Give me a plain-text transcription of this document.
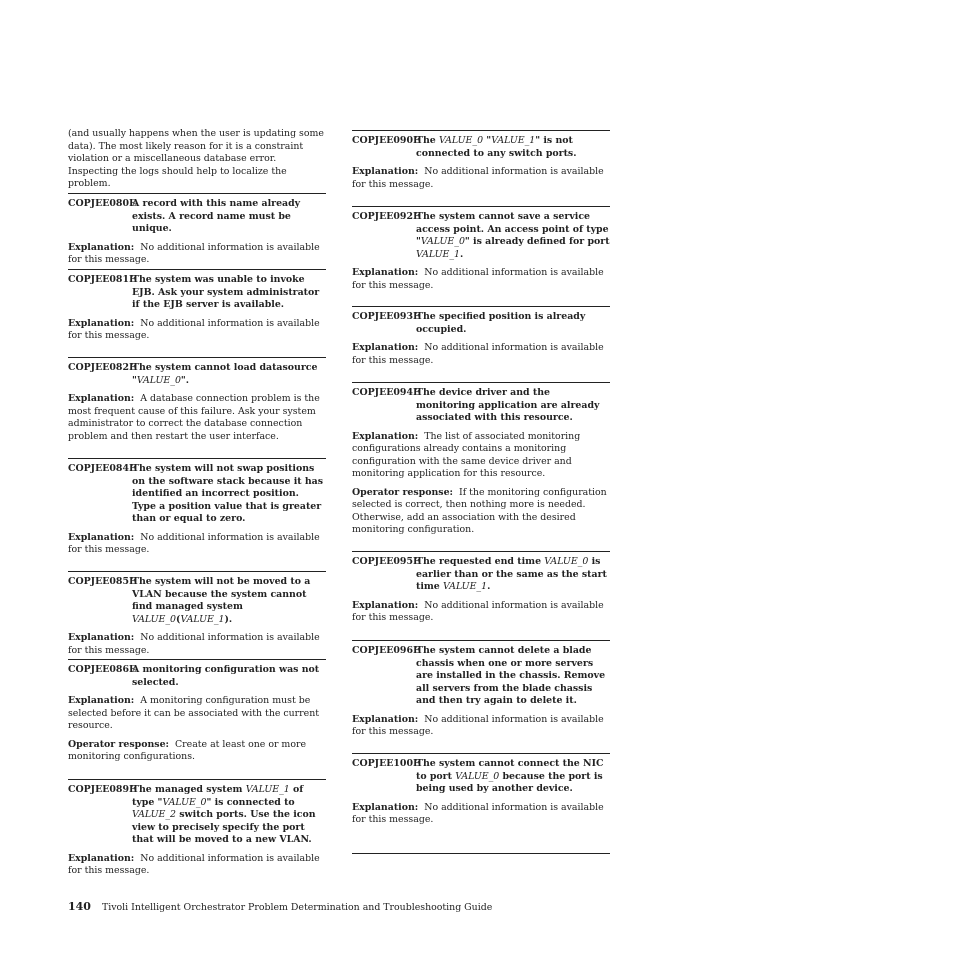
(and usually happens when the user is updating some data). The most likely reason for it is a constraint violation or a miscellaneous database error. Inspecting the logs should help to localize the problem.

COPJEE080E
A record with this name already exists. A record name must be unique.
Explanation: No additional information is available for this message.
COPJEE081E
The system was unable to invoke EJB. Ask your system administrator if the EJB server is available.
Explanation: No additional information is available for this message.
COPJEE082E
The system cannot load datasource "VALUE_0".
Explanation: A database connection problem is the most frequent cause of this failure. Ask your system administrator to correct the database connection problem and then restart the user interface.
COPJEE084E
The system will not swap positions on the software stack because it has identified an incorrect position. Type a position value that is greater than or equal to zero.
Explanation: No additional information is available for this message.
COPJEE085E
The system will not be moved to a VLAN because the system cannot find managed system VALUE_0(VALUE_1).
Explanation: No additional information is available for this message.
COPJEE086E
A monitoring configuration was not selected.
Explanation: A monitoring configuration must be selected before it can be associated with the current resource.
Operator response: Create at least one or more monitoring configurations.
COPJEE089E
The managed system VALUE_1 of type "VALUE_0" is connected to VALUE_2 switch ports. Use the icon view to precisely specify the port that will be moved to a new VLAN.
Explanation: No additional information is available for this message.
COPJEE090E
The VALUE_0 "VALUE_1" is not connected to any switch ports.
Explanation: No additional information is available for this message.
COPJEE092E
The system cannot save a service access point. An access point of type "VALUE_0" is already defined for port VALUE_1.
Explanation: No additional information is available for this message.
COPJEE093E
The specified position is already occupied.
Explanation: No additional information is available for this message.
COPJEE094E
The device driver and the monitoring application are already associated with this resource.
Explanation: The list of associated monitoring configurations already contains a monitoring configuration with the same device driver and monitoring application for this resource.
Operator response: If the monitoring configuration selected is correct, then nothing more is needed. Otherwise, add an association with the desired monitoring configuration.
COPJEE095E
The requested end time VALUE_0 is earlier than or the same as the start time VALUE_1.
Explanation: No additional information is available for this message.
COPJEE096E
The system cannot delete a blade chassis when one or more servers are installed in the chassis. Remove all servers from the blade chassis and then try again to delete it.
Explanation: No additional information is available for this message.
COPJEE100E
The system cannot connect the NIC to port VALUE_0 because the port is being used by another device.
Explanation: No additional information is available for this message.
140 Tivoli Intelligent Orchestrator Problem Determination and Troubleshooting Guide
